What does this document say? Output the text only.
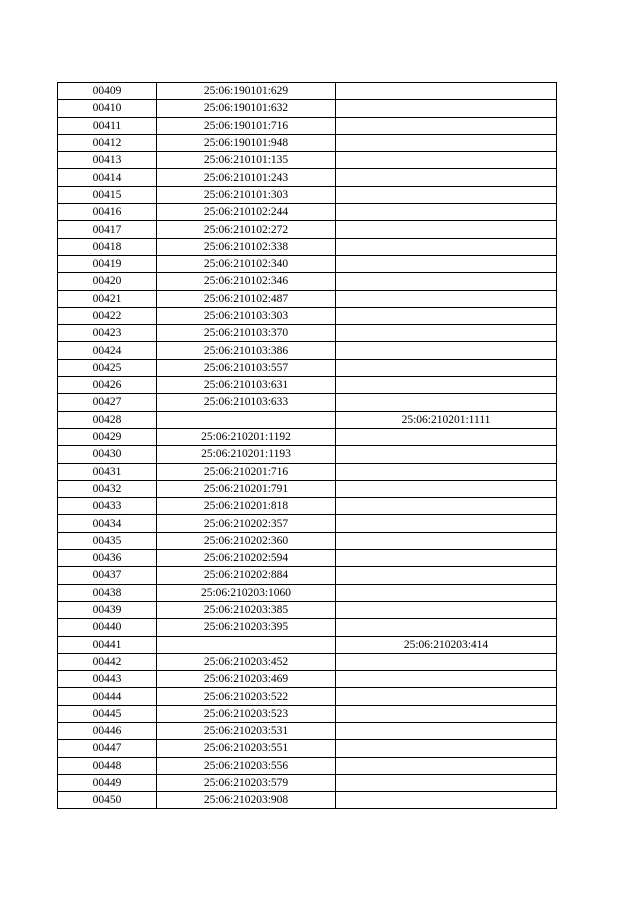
00409	25:06:190101:629	
00410	25:06:190101:632	
00411	25:06:190101:716	
00412	25:06:190101:948	
00413	25:06:210101:135	
00414	25:06:210101:243	
00415	25:06:210101:303	
00416	25:06:210102:244	
00417	25:06:210102:272	
00418	25:06:210102:338	
00419	25:06:210102:340	
00420	25:06:210102:346	
00421	25:06:210102:487	
00422	25:06:210103:303	
00423	25:06:210103:370	
00424	25:06:210103:386	
00425	25:06:210103:557	
00426	25:06:210103:631	
00427	25:06:210103:633	
00428		25:06:210201:1111
00429	25:06:210201:1192	
00430	25:06:210201:1193	
00431	25:06:210201:716	
00432	25:06:210201:791	
00433	25:06:210201:818	
00434	25:06:210202:357	
00435	25:06:210202:360	
00436	25:06:210202:594	
00437	25:06:210202:884	
00438	25:06:210203:1060	
00439	25:06:210203:385	
00440	25:06:210203:395	
00441		25:06:210203:414
00442	25:06:210203:452	
00443	25:06:210203:469	
00444	25:06:210203:522	
00445	25:06:210203:523	
00446	25:06:210203:531	
00447	25:06:210203:551	
00448	25:06:210203:556	
00449	25:06:210203:579	
00450	25:06:210203:908	
